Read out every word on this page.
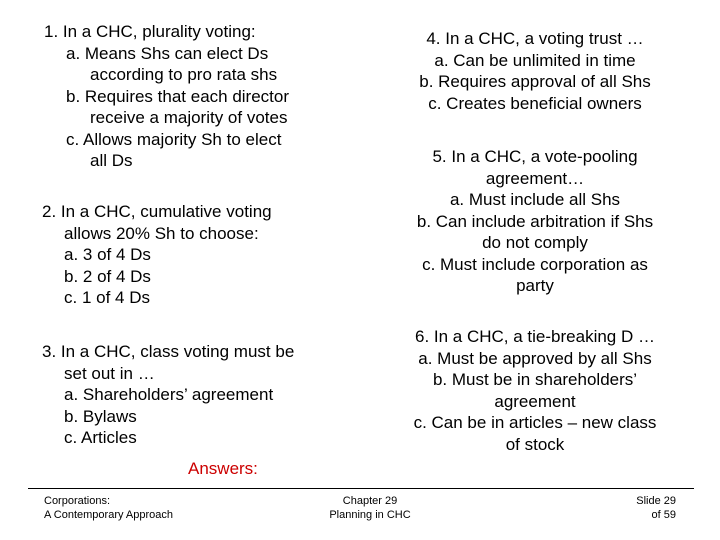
1. In a CHC, plurality voting:
a. Means Shs can elect Ds
according to pro rata shs
b. Requires that each director
receive a majority of votes
c. Allows majority Sh to elect
all Ds
2. In a CHC, cumulative voting
allows 20% Sh to choose:
a. 3 of 4 Ds
b. 2 of 4 Ds
c. 1 of 4 Ds
3. In a CHC, class voting must be
set out in …
a. Shareholders’ agreement
b. Bylaws
c. Articles
4. In a CHC, a voting trust …
a. Can be unlimited in time
b. Requires approval of all Shs
c. Creates beneficial owners
5. In a CHC, a vote-pooling
agreement…
a. Must include all Shs
b. Can include arbitration if Shs
do not comply
c. Must include corporation as
party
6. In a CHC, a tie-breaking D …
a. Must be approved by all Shs
b. Must be in shareholders’
agreement
c. Can be in articles – new class
of stock
Answers:
Corporations:
A Contemporary Approach
Chapter 29
Planning in CHC
Slide 29
of 59
